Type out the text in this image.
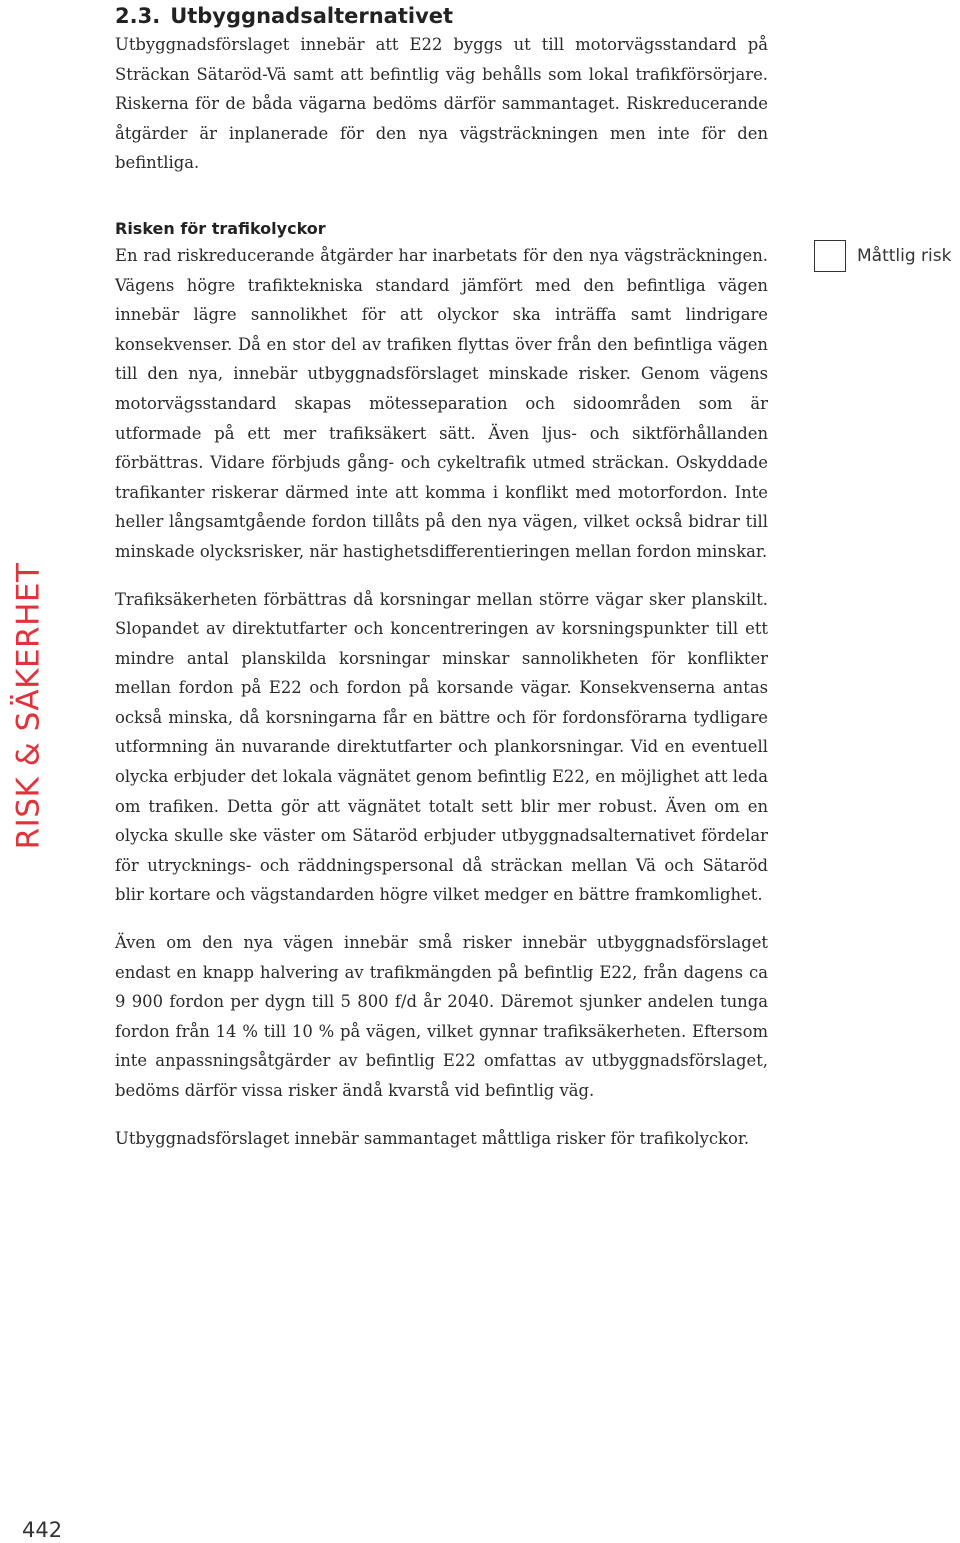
2.3. Utbyggnadsalternativet

Utbyggnadsförslaget innebär att E22 byggs ut till motorvägsstandard på Sträckan Sätaröd-Vä samt att befintlig väg behålls som lokal trafikförsörjare. Riskerna för de båda vägarna bedöms därför sammantaget. Riskreducerande åtgärder är inplanerade för den nya vägsträckningen men inte för den befintliga.

Risken för trafikolyckor

En rad riskreducerande åtgärder har inarbetats för den nya vägsträckningen. Vägens högre trafiktekniska standard jämfört med den befintliga vägen innebär lägre sannolikhet för att olyckor ska inträffa samt lindrigare konsekvenser. Då en stor del av trafiken flyttas över från den befintliga vägen till den nya, innebär utbyggnadsförslaget minskade risker. Genom vägens motorvägsstandard skapas mötesseparation och sidoområden som är utformade på ett mer trafiksäkert sätt. Även ljus- och siktförhållanden förbättras. Vidare förbjuds gång- och cykeltrafik utmed sträckan. Oskyddade trafikanter riskerar därmed inte att komma i konflikt med motorfordon. Inte heller långsamtgående fordon tillåts på den nya vägen, vilket också bidrar till minskade olycksrisker, när hastighetsdifferentieringen mellan fordon minskar.

Trafiksäkerheten förbättras då korsningar mellan större vägar sker planskilt. Slopandet av direktutfarter och koncentreringen av korsningspunkter till ett mindre antal planskilda korsningar minskar sannolikheten för konflikter mellan fordon på E22 och fordon på korsande vägar. Konsekvenserna antas också minska, då korsningarna får en bättre och för fordonsförarna tydligare utformning än nuvarande direktutfarter och plankorsningar. Vid en eventuell olycka erbjuder det lokala vägnätet genom befintlig E22, en möjlighet att leda om trafiken. Detta gör att vägnätet totalt sett blir mer robust. Även om en olycka skulle ske väster om Sätaröd erbjuder utbyggnadsalternativet fördelar för utrycknings- och räddningspersonal då sträckan mellan Vä och Sätaröd blir kortare och vägstandarden högre vilket medger en bättre framkomlighet.

Även om den nya vägen innebär små risker innebär utbyggnadsförslaget endast en knapp halvering av trafikmängden på befintlig E22, från dagens ca 9 900 fordon per dygn till 5 800 f/d år 2040. Däremot sjunker andelen tunga fordon från 14 % till 10 % på vägen, vilket gynnar trafiksäkerheten. Eftersom inte anpassningsåtgärder av befintlig E22 omfattas av utbyggnadsförslaget, bedöms därför vissa risker ändå kvarstå vid befintlig väg.

Utbyggnadsförslaget innebär sammantaget måttliga risker för trafikolyckor.

Måttlig risk
RISK & SÄKERHET
442
